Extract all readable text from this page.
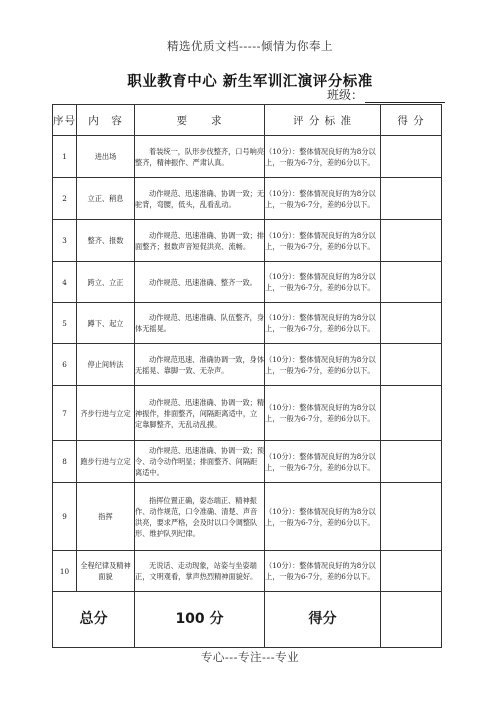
精选优质文档-----倾情为你奉上
职业教育中心 新生军训汇演评分标准
班级：
序号	内　容	要　　求	评 分 标 准	得 分
1	进出场	着装统一，队形步伐整齐，口号响亮整齐，精神振作、严肃认真。	（10分）：整体情况良好的为8分以上，一般为6-7分，差的6分以下。	
2	立正、稍息	动作规范、迅速准确、协调一致；无驼背，弯腰，低头，乱看乱动。	（10分）：整体情况良好的为8分以上，一般为6-7分，差的6分以下。	
3	整齐、报数	动作规范、迅速准确、协调一致；排面整齐；报数声音短促洪亮、流畅。	（10分）：整体情况良好的为8分以上，一般为6-7分，差的6分以下。	
4	跨立、立正	动作规范、迅速准确、整齐一致。	（10分）：整体情况良好的为8分以上，一般为6-7分，差的6分以下。	
5	蹲下、起立	动作规范、迅速准确、队伍整齐，身体无摇晃。	（10分）：整体情况良好的为8分以上，一般为6-7分，差的6分以下。	
6	停止间转法	动作规范迅速、准确协调一致，身体无摇晃、靠脚一致、无杂声。	（10分）：整体情况良好的为8分以上，一般为6-7分，差的6分以下。	
7	齐步行进与立定	动作规范、迅速准确、协调一致；精神振作，排面整齐，间隔距离适中，立定靠脚整齐，无乱动乱摸。	（10分）：整体情况良好的为8分以上，一般为6-7分，差的6分以下。	
8	跑步行进与立定	动作规范、迅速准确、协调一致；预令、动令动作明显；排面整齐、间隔距离适中。	（10分）：整体情况良好的为8分以上，一般为6-7分，差的6分以下。	
9	指挥	指挥位置正确，姿态端正、精神振作、动作规范，口令准确、清楚、声音洪亮，要求严格，会及时以口令调整队形、维护队列纪律。	（10分）：整体情况良好的为8分以上，一般为6-7分，差的6分以下。	
10	全程纪律及精神面貌	无说话、走动现象，站姿与坐姿端正，文明观看，掌声热烈精神面貌好。	（10分）：整体情况良好的为8分以上，一般为6-7分，差的6分以下。	
总分		100 分	得分	
专心---专注---专业
